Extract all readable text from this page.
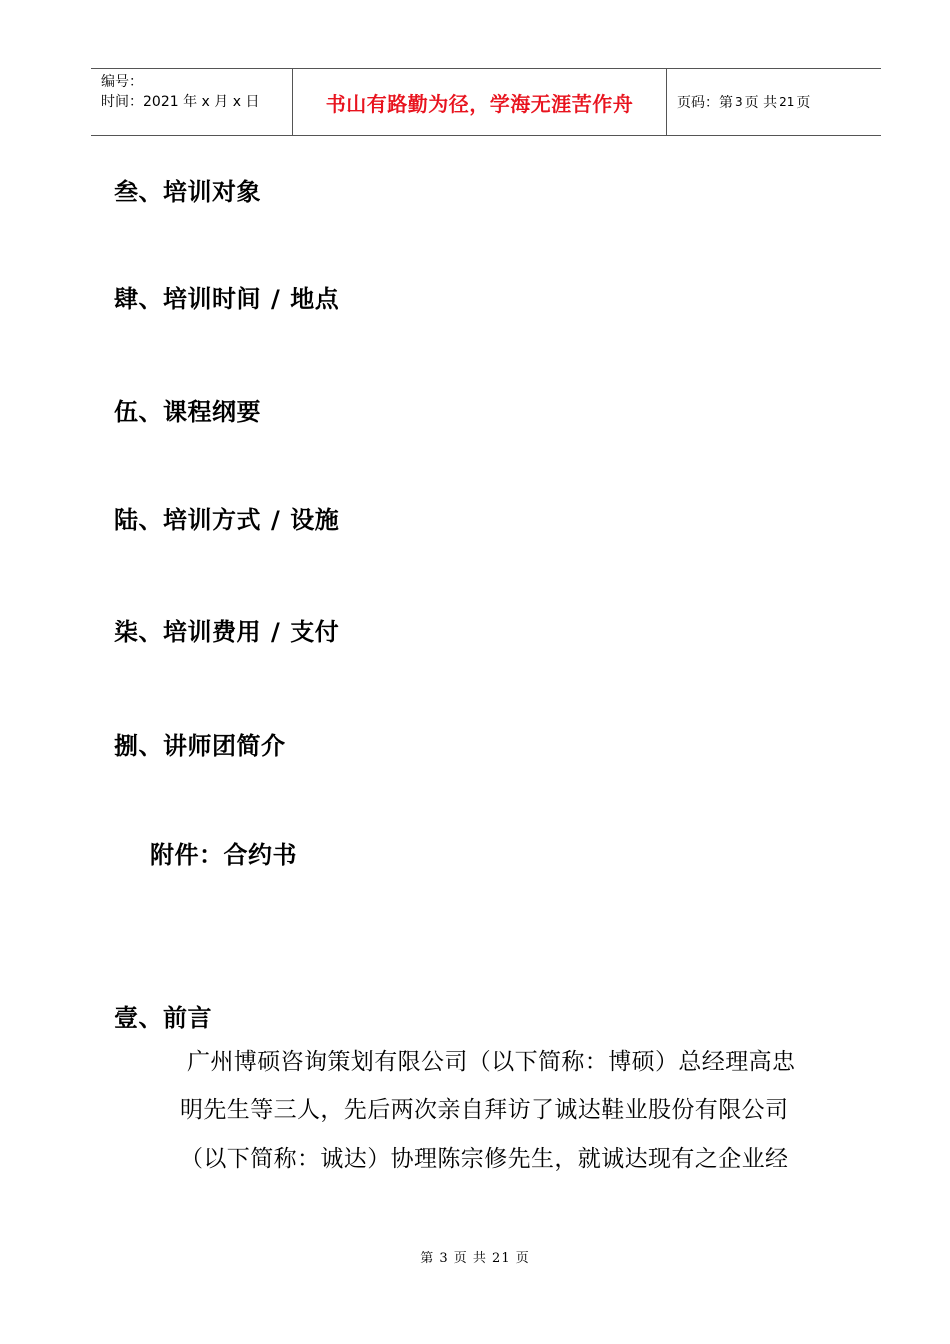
编号：
时间：2021 年 x 月 x 日	书山有路勤为径，学海无涯苦作舟	页码：第 3 页 共 21 页
叁、培训对象
肆、培训时间 / 地点
伍、课程纲要
陆、培训方式 / 设施
柒、培训费用 / 支付
捌、讲师团简介
附件：合约书
壹、前言
广州博硕咨询策划有限公司（以下简称：博硕）总经理高忠
明先生等三人，先后两次亲自拜访了诚达鞋业股份有限公司
（以下简称：诚达）协理陈宗修先生，就诚达现有之企业经
第 3 页 共 21 页
